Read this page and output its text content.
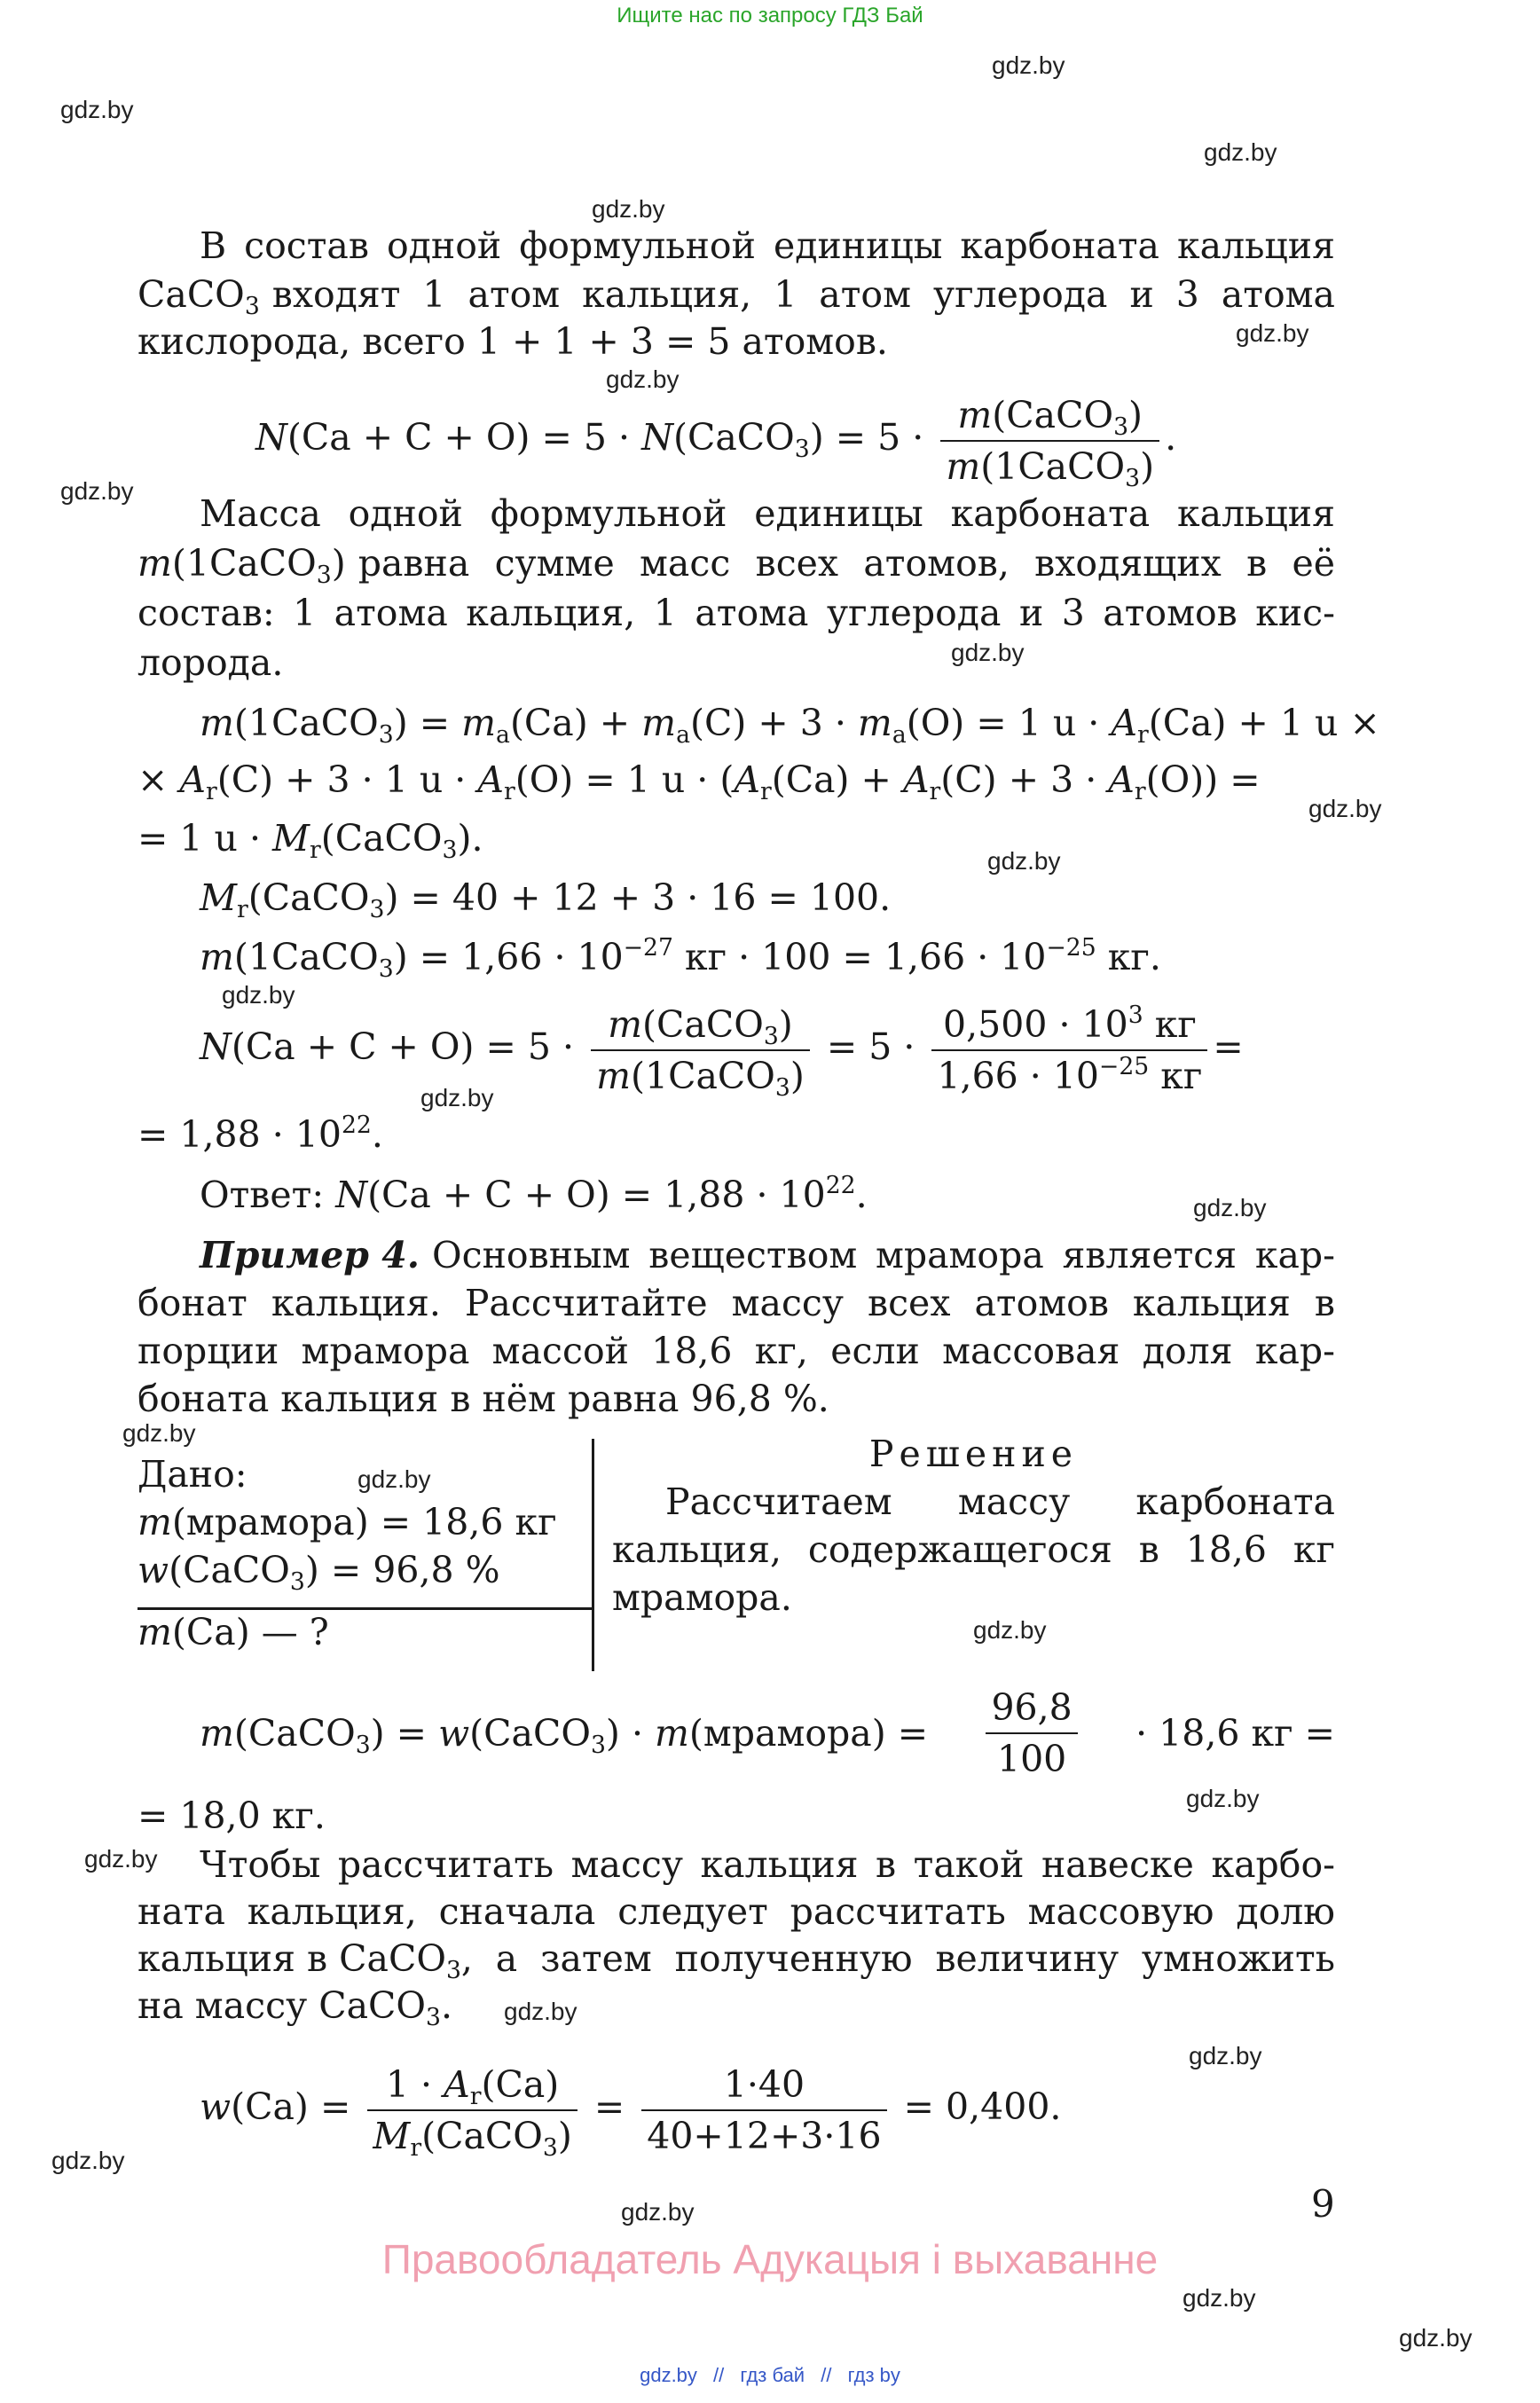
Ищите нас по запросу ГДЗ Бай
gdz.by
gdz.by
gdz.by
gdz.by
gdz.by
gdz.by
gdz.by
gdz.by
gdz.by
gdz.by
gdz.by
gdz.by
gdz.by
gdz.by
gdz.by
gdz.by
gdz.by
gdz.by
gdz.by
gdz.by
gdz.by
gdz.by
gdz.by
gdz.by
В состав одной формульной единицы карбоната кальция
CaCO$_3$ входят 1 атом кальция, 1 атом углерода и 3 атома
кислорода, всего 1 + 1 + 3 = 5 атомов.
N(Ca + C + O) = 5 · N(CaCO$_3$) = $5 \cdot \frac{m(CaCO_3)}{m(1CaCO_3)}$ .
Масса одной формульной единицы карбоната кальция
m(1CaCO$_3$) равна сумме масс всех атомов, входящих в её
состав: 1 атома кальция, 1 атома углерода и 3 атомов кис-
лорода.
m(1CaCO$_3$) = $m_a(Ca) + m_a(C) + 3 \cdot m_a(O) = 1$ $u \cdot A_r(Ca) + 1$ u ×
× $A_r(C) + 3 \cdot 1$ $u \cdot A_r(O) = 1$ $u \cdot (A_r(Ca) + A_r(C) + 3 \cdot A_r(O))$ =
= 1 $u \cdot M_r(CaCO_3)$.
$M_r(CaCO_3) = 40 + 12 + 3 \cdot 16 = 100$.
m(1CaCO$_3$) = $1,66 \cdot 10^{-27}$ кг · $100 = 1,66 \cdot 10^{-25}$ кг.
$N(Ca + C + O) = 5 \cdot \frac{m(CaCO_3)}{m(1CaCO_3)} = 5 \cdot \frac{0,500 \cdot 10^3 кг}{1,66 \cdot 10^{-25} кг}$ =
= $1,88 \cdot 10^{22}$.
Ответ: $N(Ca + C + O) = 1,88 \cdot 10^{22}$.
Пример 4. Основным веществом мрамора является кар-
бонат кальция. Рассчитайте массу всех атомов кальция в
порции мрамора массой 18,6 кг, если массовая доля кар-
боната кальция в нём равна 96,8 %.
Дано:
m(мрамора) = 18,6 кг
w(CaCO$_3$) = 96,8 %
m(Ca) — ?
Решение
Рассчитаем массу карбоната
кальция, содержащегося в 18,6 кг
мрамора.
m(CaCO$_3$) = w(CaCO$_3$) · m(мрамора) = $\frac{96,8}{100} \cdot 18,6$ кг =
= 18,0 кг.
Чтобы рассчитать массу кальция в такой навеске карбо-
ната кальция, сначала следует рассчитать массовую долю
кальция в CaCO$_3$ , а затем полученную величину умножить
на массу CaCO$_3$.
$w(Ca) = \frac{1 \cdot A_r(Ca)}{M_r(CaCO_3)} = \frac{1\cdot 40}{40+12+3\cdot 16} = 0,400$.
9
Правообладатель Адукацыя і выхаванне
gdz.by // гдз бай // гдз by
